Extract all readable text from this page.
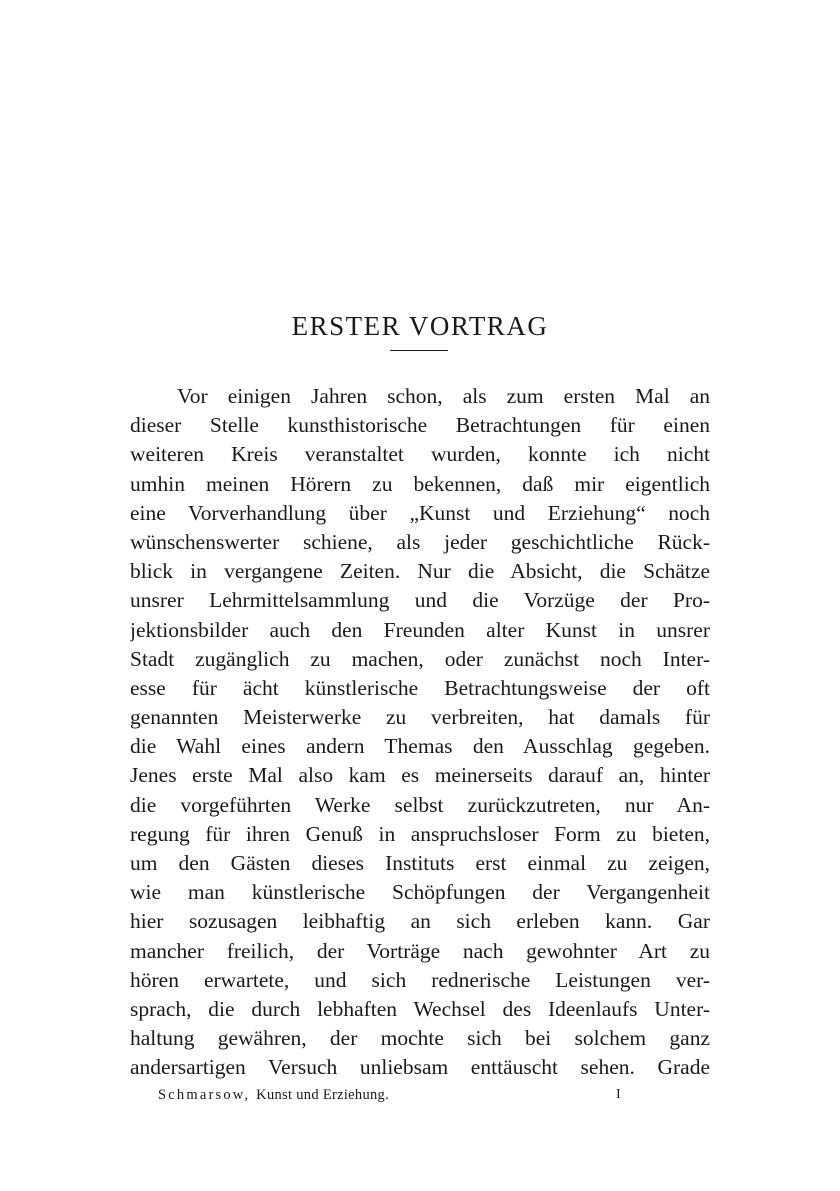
ERSTER VORTRAG
Vor einigen Jahren schon, als zum ersten Mal an
dieser Stelle kunsthistorische Betrachtungen für einen
weiteren Kreis veranstaltet wurden, konnte ich nicht
umhin meinen Hörern zu bekennen, daß mir eigentlich
eine Vorverhandlung über „Kunst und Erziehung“ noch
wünschenswerter schiene, als jeder geschichtliche Rück-
blick in vergangene Zeiten. Nur die Absicht, die Schätze
unsrer Lehrmittelsammlung und die Vorzüge der Pro-
jektionsbilder auch den Freunden alter Kunst in unsrer
Stadt zugänglich zu machen, oder zunächst noch Inter-
esse für ächt künstlerische Betrachtungsweise der oft
genannten Meisterwerke zu verbreiten, hat damals für
die Wahl eines andern Themas den Ausschlag gegeben.
Jenes erste Mal also kam es meinerseits darauf an, hinter
die vorgeführten Werke selbst zurückzutreten, nur An-
regung für ihren Genuß in anspruchsloser Form zu bieten,
um den Gästen dieses Instituts erst einmal zu zeigen,
wie man künstlerische Schöpfungen der Vergangenheit
hier sozusagen leibhaftig an sich erleben kann. Gar
mancher freilich, der Vorträge nach gewohnter Art zu
hören erwartete, und sich rednerische Leistungen ver-
sprach, die durch lebhaften Wechsel des Ideenlaufs Unter-
haltung gewähren, der mochte sich bei solchem ganz
andersartigen Versuch unliebsam enttäuscht sehen. Grade
Schmarsow, Kunst und Erziehung.	I
